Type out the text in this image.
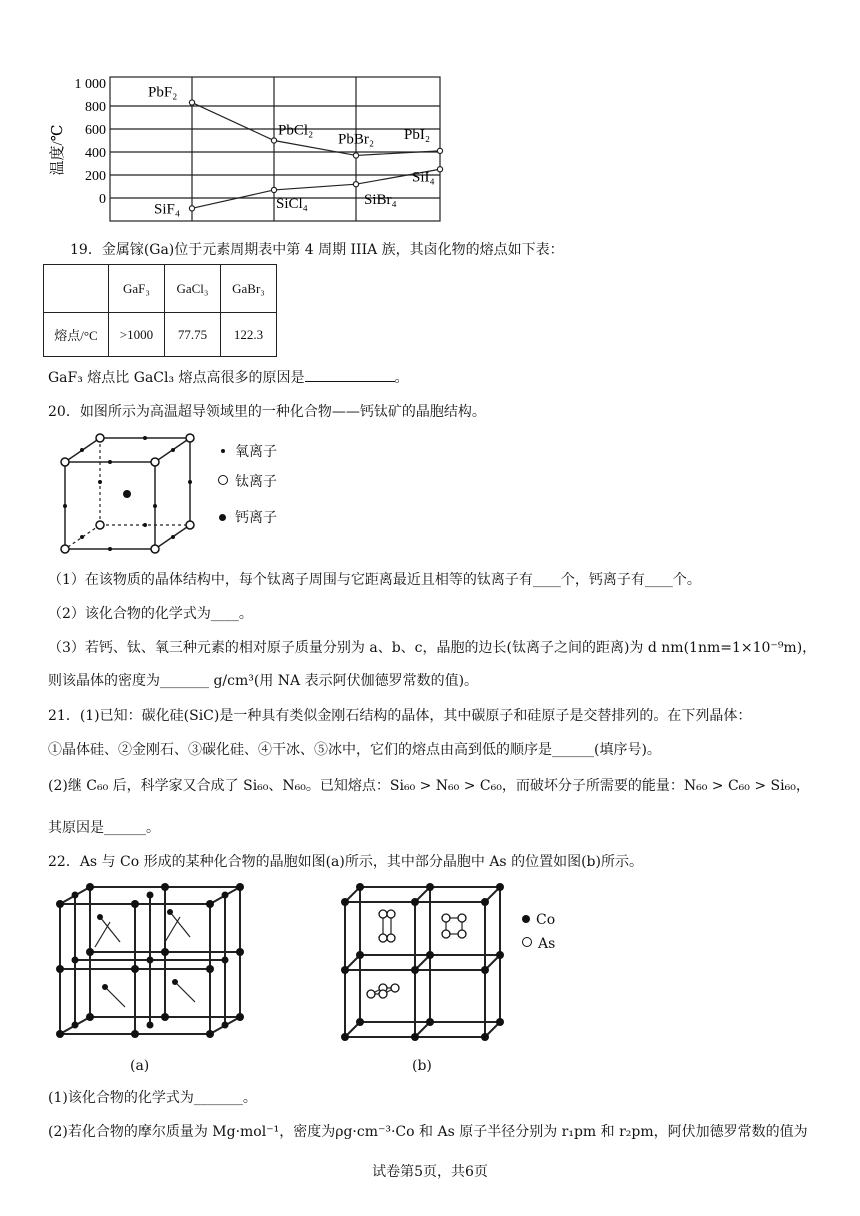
温度/℃
1 000
800
600
400
200
0
PbF₂
PbCl₂
PbBr₂ PbI₂
SiF₄	SiCl₄	SiBr₄
SiI₄
19．金属镓(Ga)位于元素周期表中第 4 周期 IIIA 族，其卤化物的熔点如下表：
	GaF₃	GaCl₃	GaBr₃
熔点/°C	>1000	77.75	122.3
GaF₃ 熔点比 GaCl₃ 熔点高很多的原因是	。
20．如图所示为高温超导领域里的一种化合物——钙钛矿的晶胞结构。
氧离子
钛离子
钙离子
（1）在该物质的晶体结构中，每个钛离子周围与它距离最近且相等的钛离子有____个，钙离子有____个。
（2）该化合物的化学式为____。
（3）若钙、钛、氧三种元素的相对原子质量分别为 a、b、c，晶胞的边长(钛离子之间的距离)为 d nm(1nm=1×10⁻⁹m)，
则该晶体的密度为_______ g/cm³(用 NA 表示阿伏伽德罗常数的值)。
21．(1)已知：碳化硅(SiC)是一种具有类似金刚石结构的晶体，其中碳原子和硅原子是交替排列的。在下列晶体：
①晶体硅、②金刚石、③碳化硅、④干冰、⑤冰中，它们的熔点由高到低的顺序是______(填序号)。
(2)继 C₆₀ 后，科学家又合成了 Si₆₀、N₆₀。已知熔点：Si₆₀ > N₆₀ > C₆₀，而破坏分子所需要的能量：N₆₀ > C₆₀ > Si₆₀，
其原因是______。
22．As 与 Co 形成的某种化合物的晶胞如图(a)所示，其中部分晶胞中 As 的位置如图(b)所示。
(a)	(b)
Co
As
(1)该化合物的化学式为_______。
(2)若化合物的摩尔质量为 Mg·mol⁻¹，密度为ρg·cm⁻³·Co 和 As 原子半径分别为 r₁pm 和 r₂pm，阿伏加德罗常数的值为
试卷第5页，共6页
